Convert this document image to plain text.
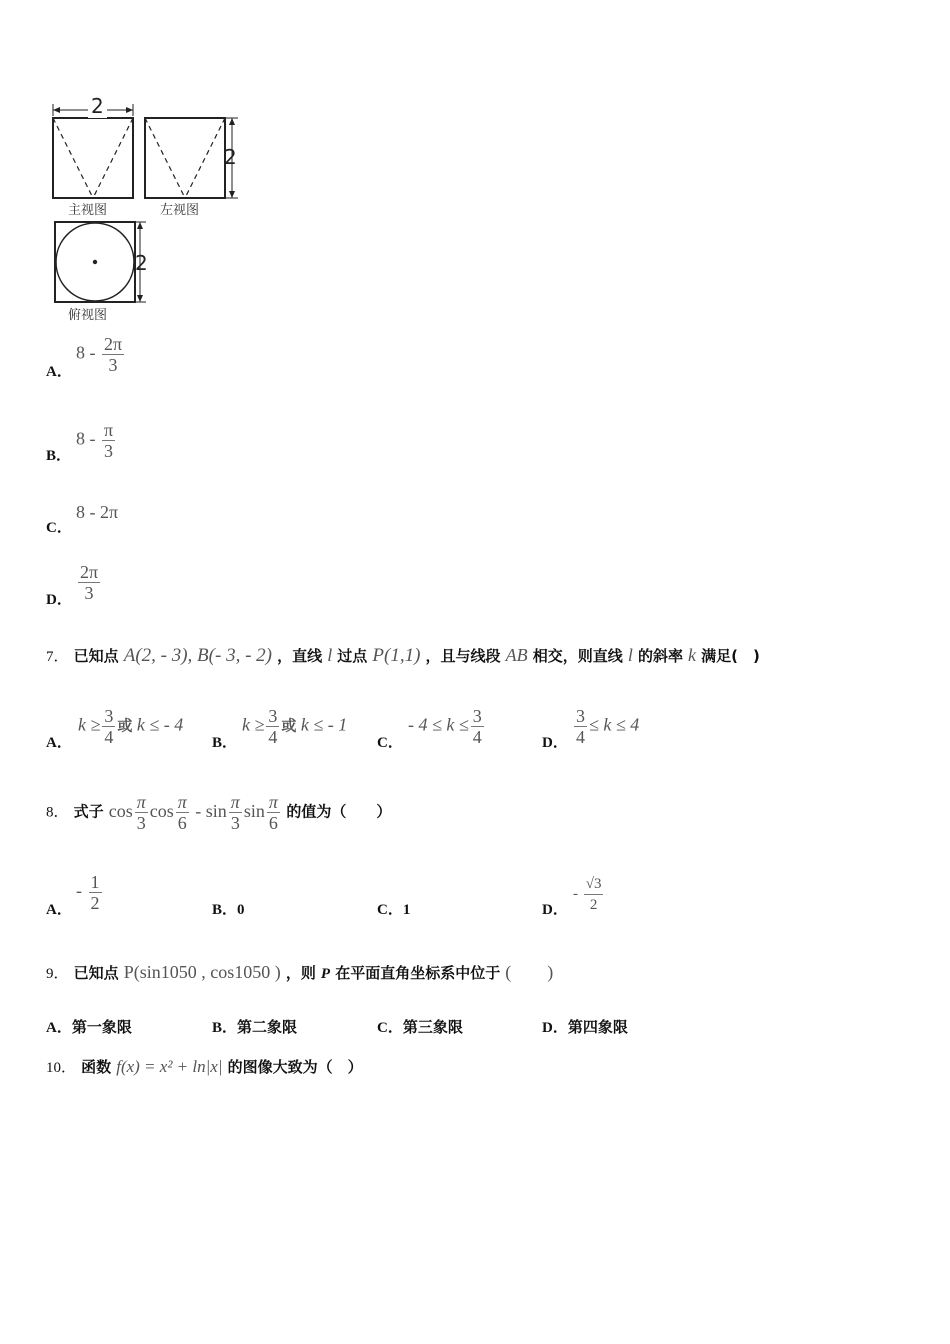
2
2
2
主视图	左视图
俯视图
A．
$8 - \frac{2\pi}{3}$
B．
$8 - \frac{\pi}{3}$
C．
8 - 2π
D． $\frac{2\pi}{3}$
7． 已知点 A(2, - 3), B(- 3, - 2) ，直线 l 过点 P(1,1) ，且与线段 AB 相交，则直线 l 的斜率 k 满足(　)
A．
$k \ge \frac{3}{4}$ 或 k ≤ - 4
B．
$k \ge \frac{3}{4}$ 或 k ≤ - 1
C．
- $4 \le k \le \frac{3}{4}$	D． $\frac{3}{4} \le k \le 4$
8． 式子 $\cos \frac{\pi}{3}$ $\cos \frac{\pi}{6}$ - $\sin \frac{\pi}{3}$ $\sin \frac{\pi}{6}$ 的值为（　　）
A．
- $\frac{1}{2}$	B．0	C．1	D．
- $\frac{√3}{2}$
9． 已知点 P(sin1050 , cos1050 ) ，则 P 在平面直角坐标系中位于 (　　)
A．第一象限	B．第二象限	C．第三象限	D．第四象限
10． 函数 f(x) = x² + ln|x| 的图像大致为（　）
